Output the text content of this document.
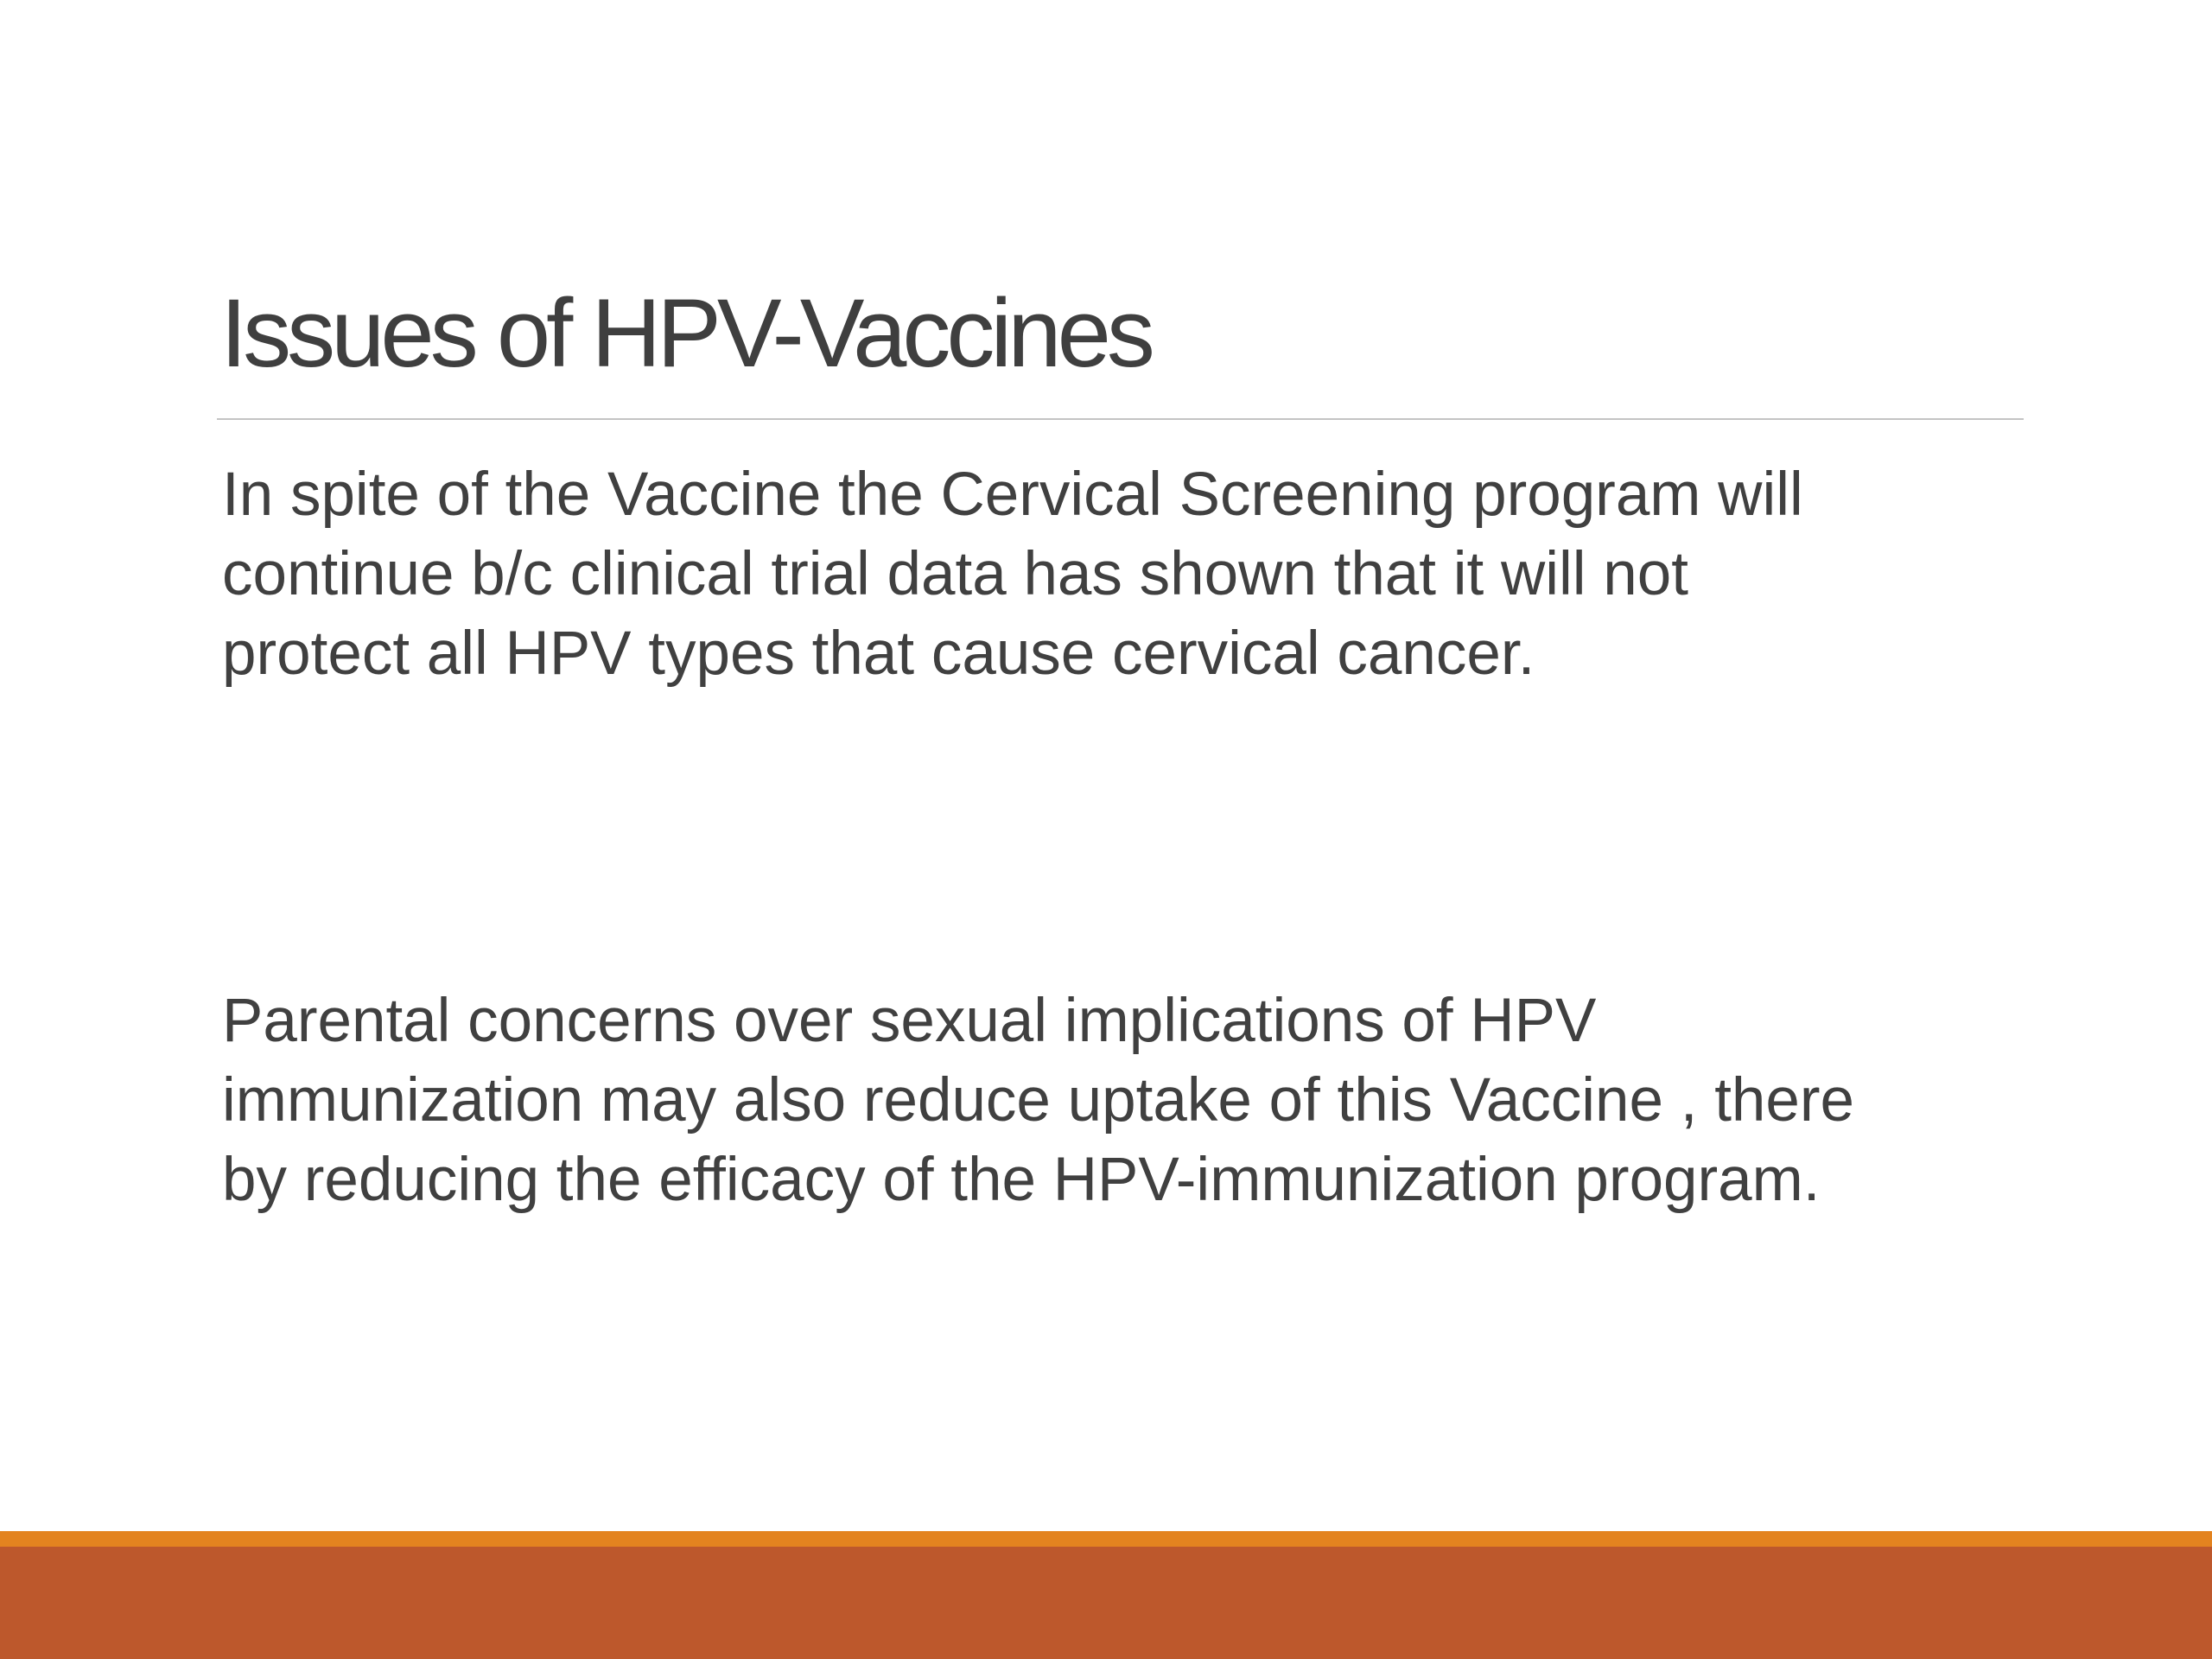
Issues of HPV-Vaccines

In spite of the Vaccine the Cervical Screening program will
continue b/c clinical trial data has shown that it will not
protect all HPV types that cause cervical cancer.

Parental concerns over sexual implications of HPV
immunization may also reduce uptake of this Vaccine , there
by reducing the efficacy of the HPV-immunization program.
